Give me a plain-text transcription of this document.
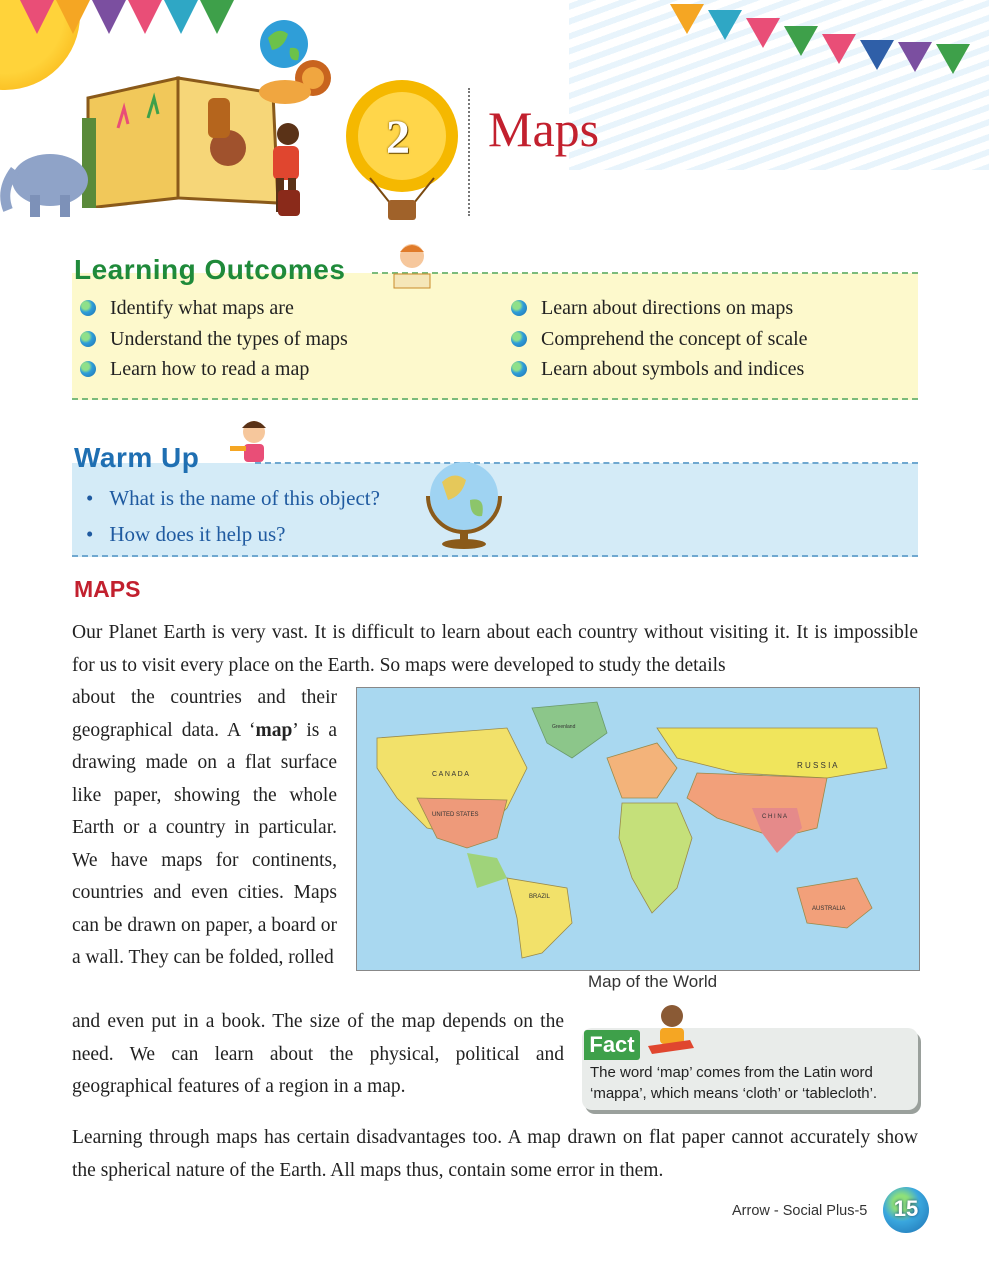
2 Maps
Learning Outcomes
Identify what maps are
Understand the types of maps
Learn how to read a map
Learn about directions on maps
Comprehend the concept of scale
Learn about symbols and indices
Warm Up
• What is the name of this object?
• How does it help us?
MAPS
Our Planet Earth is very vast. It is difficult to learn about each country without visiting it. It is impossible for us to visit every place on the Earth. So maps were developed to study the details
about the countries and their geographical data. A ‘map’ is a drawing made on a flat surface like paper, showing the whole Earth or a country in particular. We have maps for continents, countries and even cities. Maps can be drawn on paper, a board or a wall. They can be folded, rolled
R U S S I A
C A N A D A
UNITED STATES	C H I N A
BRAZIL
AUSTRALIA
Greenland
Map of the World
and even put in a book. The size of the map depends on the need. We can learn about the physical, political and geographical features of a region in a map.
Fact
The word ‘map’ comes from the Latin word ‘mappa’, which means ‘cloth’ or ‘tablecloth’.
Learning through maps has certain disadvantages too. A map drawn on flat paper cannot accurately show the spherical nature of the Earth. All maps thus, contain some error in them.
Arrow - Social Plus-5	15
